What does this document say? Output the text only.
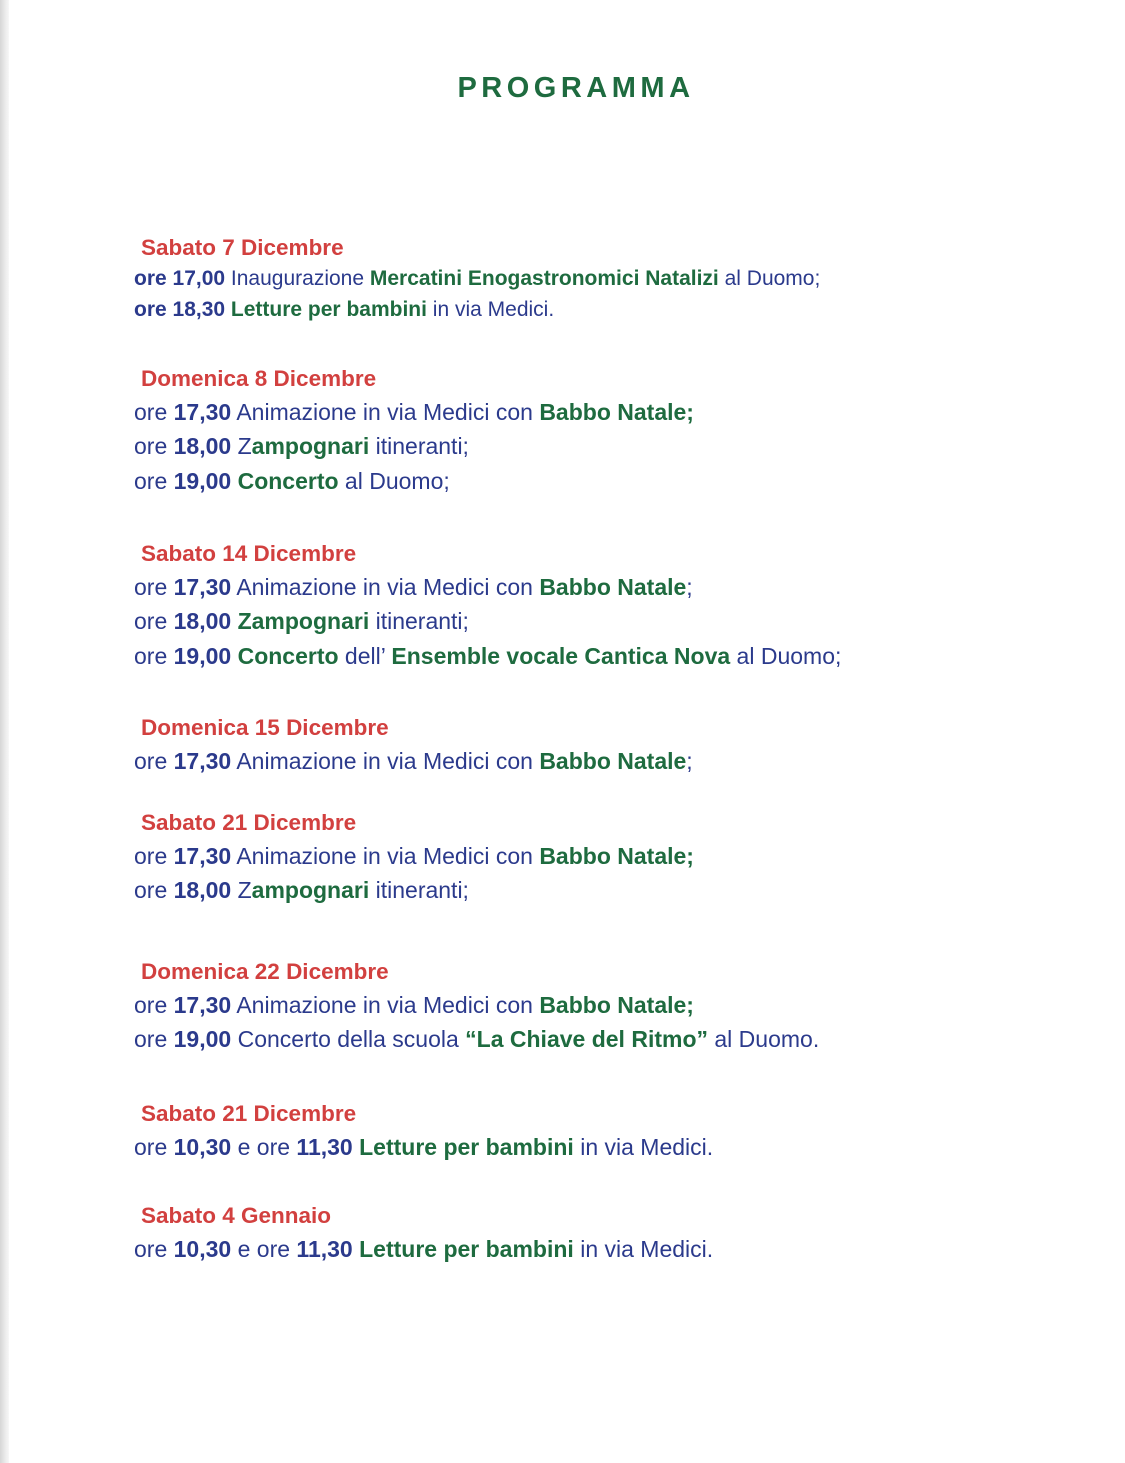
PROGRAMMA
Sabato 7 Dicembre
ore 17,00 Inaugurazione Mercatini Enogastronomici Natalizi al Duomo;
ore 18,30 Letture per bambini in via Medici.
Domenica 8 Dicembre
ore 17,30 Animazione in via Medici con Babbo Natale;
ore 18,00 Zampognari itineranti;
ore 19,00 Concerto al Duomo;
Sabato 14 Dicembre
ore 17,30 Animazione in via Medici con Babbo Natale;
ore 18,00 Zampognari itineranti;
ore 19,00 Concerto dell’ Ensemble vocale Cantica Nova al Duomo;
Domenica 15 Dicembre
ore 17,30 Animazione in via Medici con Babbo Natale;
Sabato 21 Dicembre
ore 17,30 Animazione in via Medici con Babbo Natale;
ore 18,00 Zampognari itineranti;
Domenica 22 Dicembre
ore 17,30 Animazione in via Medici con Babbo Natale;
ore 19,00 Concerto della scuola “La Chiave del Ritmo” al Duomo.
Sabato 21 Dicembre
ore 10,30 e ore 11,30 Letture per bambini in via Medici.
Sabato 4 Gennaio
ore 10,30 e ore 11,30 Letture per bambini in via Medici.
